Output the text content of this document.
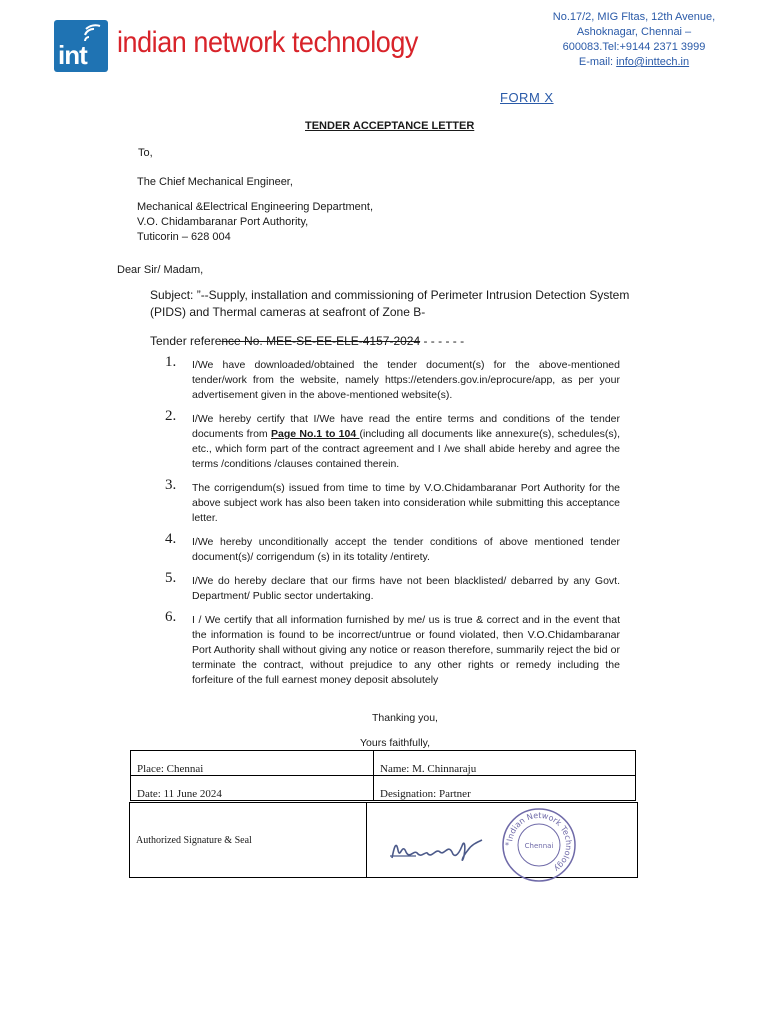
int indian network technology
No.17/2, MIG Fltas, 12th Avenue,
Ashoknagar, Chennai –
600083.Tel:+9144 2371 3999
E-mail: info@inttech.in
FORM X
TENDER ACCEPTANCE LETTER
To,
The Chief Mechanical Engineer,
Mechanical &Electrical Engineering Department,
V.O. Chidambaranar Port Authority,
Tuticorin – 628 004
Dear Sir/ Madam,
Subject: ”--Supply, installation and commissioning of Perimeter Intrusion Detection System (PIDS) and Thermal cameras at seafront of Zone B-
Tender reference No. MEE-SE-EE-ELE-4157-2024 - - - - - -
1. I/We have downloaded/obtained the tender document(s) for the above-mentioned tender/work from the website, namely https://etenders.gov.in/eprocure/app, as per your advertisement given in the above-mentioned website(s).
2. I/We hereby certify that I/We have read the entire terms and conditions of the tender documents from Page No.1 to 104 (including all documents like annexure(s), schedules(s), etc., which form part of the contract agreement and I /we shall abide hereby and agree the terms /conditions /clauses contained therein.
3. The corrigendum(s) issued from time to time by V.O.Chidambaranar Port Authority for the above subject work has also been taken into consideration while submitting this acceptance letter.
4. I/We hereby unconditionally accept the tender conditions of above mentioned tender document(s)/ corrigendum (s) in its totality /entirety.
5. I/We do hereby declare that our firms have not been blacklisted/ debarred by any Govt. Department/ Public sector undertaking.
6. I / We certify that all information furnished by me/ us is true & correct and in the event that the information is found to be incorrect/untrue or found violated, then V.O.Chidambaranar Port Authority shall without giving any notice or reason therefore, summarily reject the bid or terminate the contract, without prejudice to any other rights or remedy including the forfeiture of the full earnest money deposit absolutely
Thanking you,
Yours faithfully,
Place: Chennai	Name: M. Chinnaraju
Date: 11 June 2024	Designation: Partner
Authorized Signature & Seal		Indian Network Technology
Chennai
*
